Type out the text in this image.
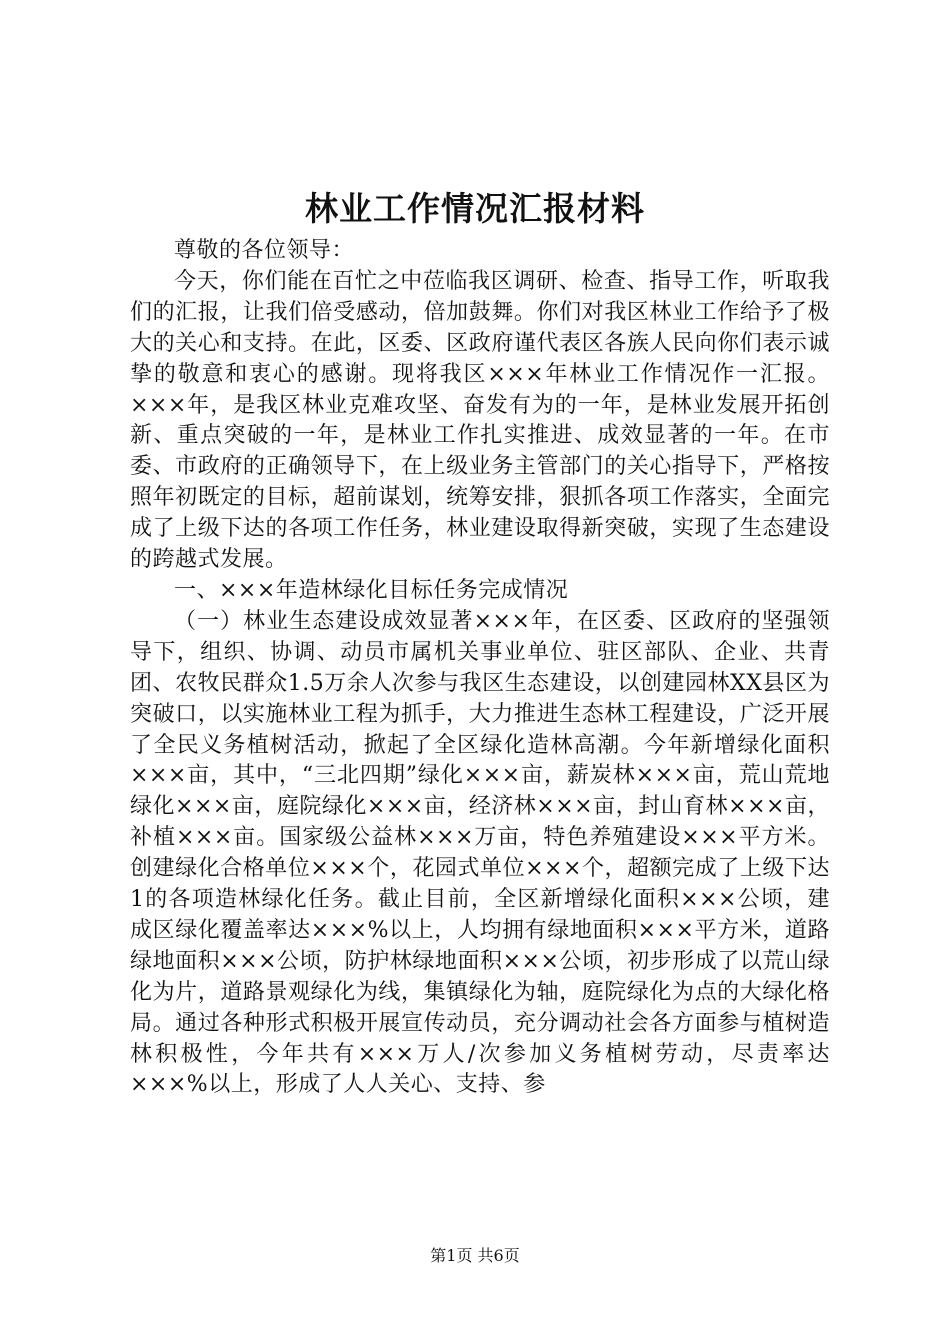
林业工作情况汇报材料

尊敬的各位领导：

今天，你们能在百忙之中莅临我区调研、检查、指导工作，听取我们的汇报，让我们倍受感动，倍加鼓舞。你们对我区林业工作给予了极大的关心和支持。在此，区委、区政府谨代表区各族人民向你们表示诚挚的敬意和衷心的感谢。现将我区×××年林业工作情况作一汇报。×××年，是我区林业克难攻坚、奋发有为的一年，是林业发展开拓创新、重点突破的一年，是林业工作扎实推进、成效显著的一年。在市委、市政府的正确领导下，在上级业务主管部门的关心指导下，严格按照年初既定的目标，超前谋划，统筹安排，狠抓各项工作落实，全面完成了上级下达的各项工作任务，林业建设取得新突破，实现了生态建设的跨越式发展。

一、×××年造林绿化目标任务完成情况

（一）林业生态建设成效显著×××年，在区委、区政府的坚强领导下，组织、协调、动员市属机关事业单位、驻区部队、企业、共青团、农牧民群众1.5万余人次参与我区生态建设，以创建园林XX县区为突破口，以实施林业工程为抓手，大力推进生态林工程建设，广泛开展了全民义务植树活动，掀起了全区绿化造林高潮。今年新增绿化面积×××亩，其中，“三北四期”绿化×××亩，薪炭林×××亩，荒山荒地绿化×××亩，庭院绿化×××亩，经济林×××亩，封山育林×××亩，补植×××亩。国家级公益林×××万亩，特色养殖建设×××平方米。创建绿化合格单位×××个，花园式单位×××个，超额完成了上级下达1的各项造林绿化任务。截止目前，全区新增绿化面积×××公顷，建成区绿化覆盖率达×××%以上，人均拥有绿地面积×××平方米，道路绿地面积×××公顷，防护林绿地面积×××公顷，初步形成了以荒山绿化为片，道路景观绿化为线，集镇绿化为轴，庭院绿化为点的大绿化格局。通过各种形式积极开展宣传动员，充分调动社会各方面参与植树造林积极性，今年共有×××万人/次参加义务植树劳动，尽责率达×××%以上，形成了人人关心、支持、参

第1页 共6页
